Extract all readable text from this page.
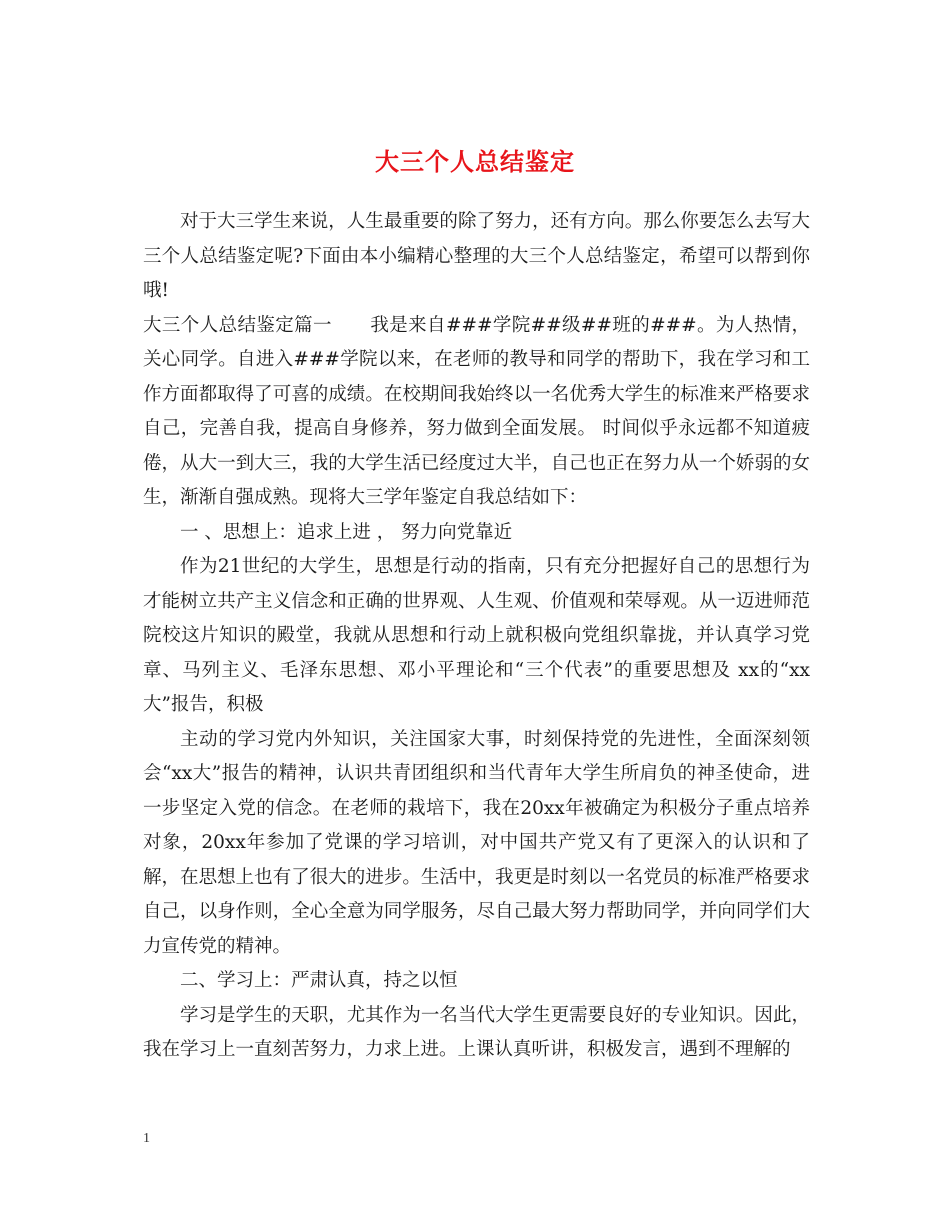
大三个人总结鉴定

对于大三学生来说，人生最重要的除了努力，还有方向。那么你要怎么去写大三个人总结鉴定呢?下面由本小编精心整理的大三个人总结鉴定，希望可以帮到你哦!

大三个人总结鉴定篇一 我是来自###学院##级##班的###。为人热情，关心同学。自进入###学院以来，在老师的教导和同学的帮助下，我在学习和工作方面都取得了可喜的成绩。在校期间我始终以一名优秀大学生的标准来严格要求自己，完善自我，提高自身修养，努力做到全面发展。 时间似乎永远都不知道疲倦，从大一到大三，我的大学生活已经度过大半，自己也正在努力从一个娇弱的女生，渐渐自强成熟。现将大三学年鉴定自我总结如下：

一 、思想上：追求上进 ， 努力向党靠近

作为21世纪的大学生，思想是行动的指南，只有充分把握好自己的思想行为才能树立共产主义信念和正确的世界观、人生观、价值观和荣辱观。从一迈进师范院校这片知识的殿堂，我就从思想和行动上就积极向党组织靠拢，并认真学习党章、马列主义、毛泽东思想、邓小平理论和“三个代表”的重要思想及 xx的“xx大”报告，积极

主动的学习党内外知识，关注国家大事，时刻保持党的先进性，全面深刻领会“xx大”报告的精神，认识共青团组织和当代青年大学生所肩负的神圣使命，进一步坚定入党的信念。在老师的栽培下，我在20xx年被确定为积极分子重点培养对象，20xx年参加了党课的学习培训，对中国共产党又有了更深入的认识和了解，在思想上也有了很大的进步。生活中，我更是时刻以一名党员的标准严格要求自己，以身作则，全心全意为同学服务，尽自己最大努力帮助同学，并向同学们大力宣传党的精神。

二、学习上：严肃认真，持之以恒

学习是学生的天职，尤其作为一名当代大学生更需要良好的专业知识。因此，我在学习上一直刻苦努力，力求上进。上课认真听讲，积极发言，遇到不理解的

1
